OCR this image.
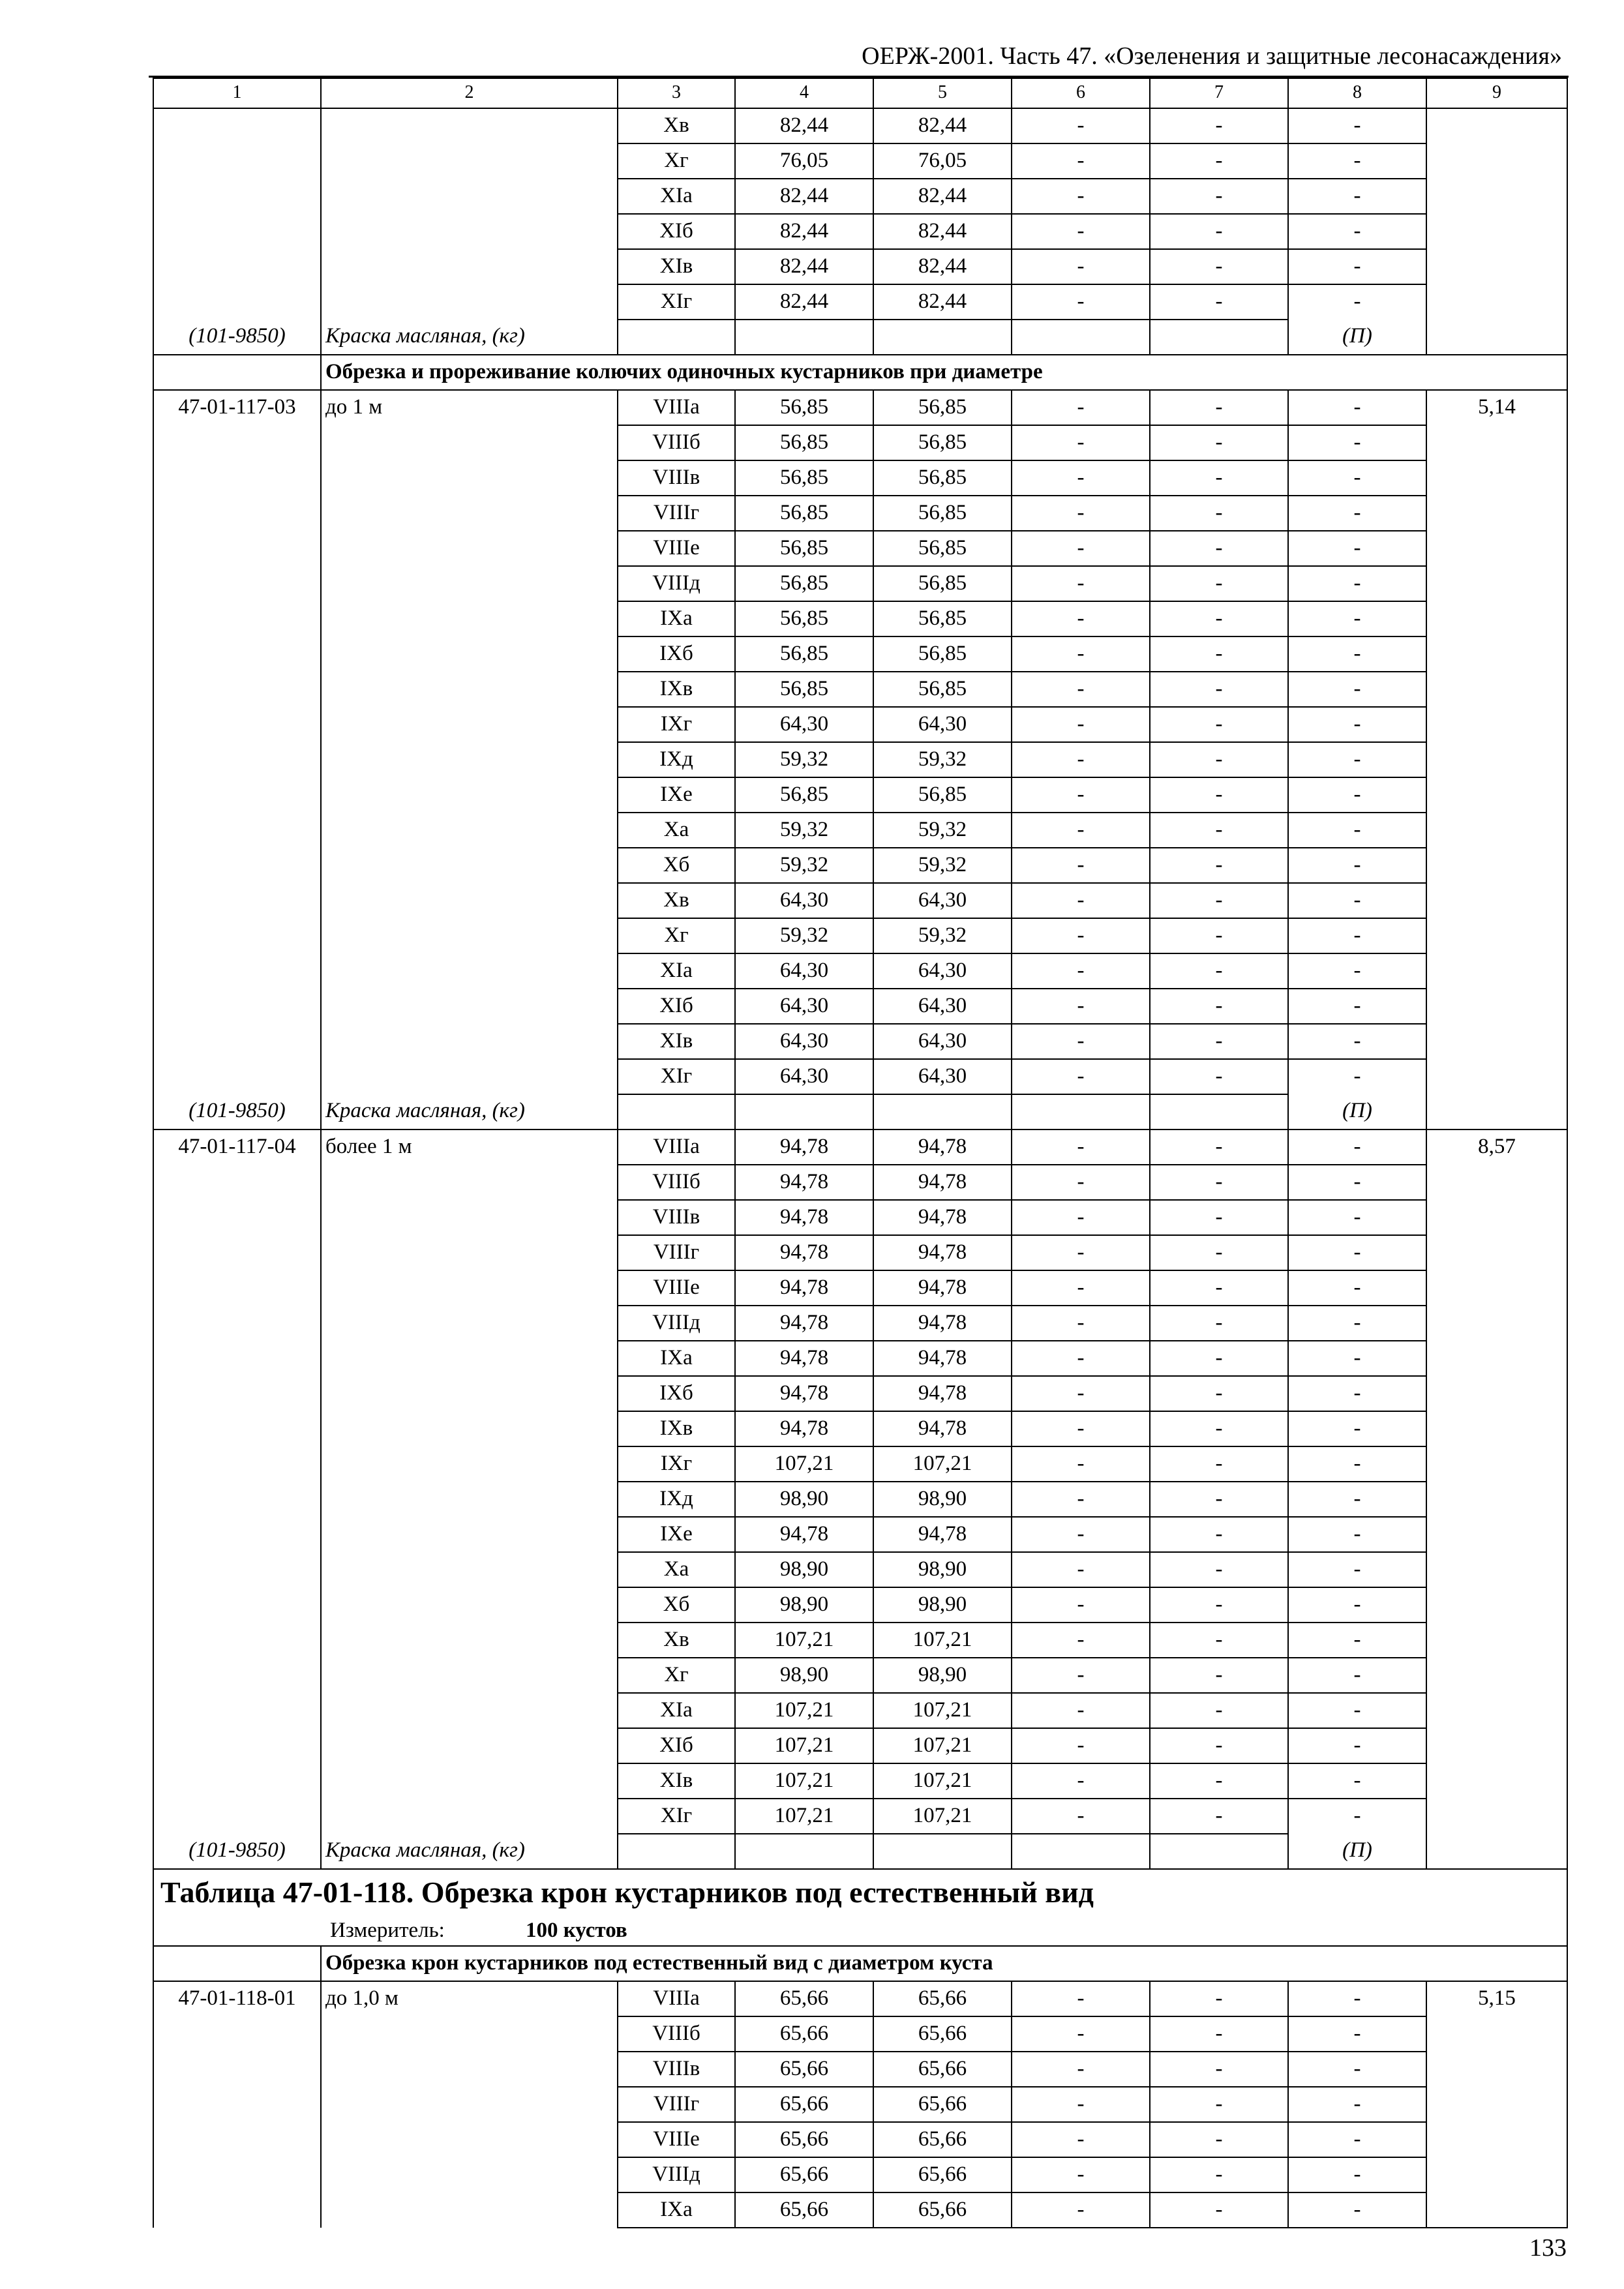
ОЕРЖ-2001. Часть 47. «Озеленения и защитные лесонасаждения»
1	2	3	4	5	6	7	8	9
		Xв	82,44	82,44	-	-	-	
		Xг	76,05	76,05	-	-	-	
		XIа	82,44	82,44	-	-	-	
		XIб	82,44	82,44	-	-	-	
		XIв	82,44	82,44	-	-	-	
		XIг	82,44	82,44	-	-	-	
(101-9850)	Краска масляная, (кг)						(П)	
	Обрезка и прореживание колючих одиночных кустарников при диаметре							
47-01-117-03	до 1 м	VIIIа	56,85	56,85	-	-	-	5,14
		VIIIб	56,85	56,85	-	-	-	
		VIIIв	56,85	56,85	-	-	-	
		VIIIг	56,85	56,85	-	-	-	
		VIIIе	56,85	56,85	-	-	-	
		VIIIд	56,85	56,85	-	-	-	
		IXа	56,85	56,85	-	-	-	
		IXб	56,85	56,85	-	-	-	
		IXв	56,85	56,85	-	-	-	
		IXг	64,30	64,30	-	-	-	
		IXд	59,32	59,32	-	-	-	
		IXе	56,85	56,85	-	-	-	
		Xа	59,32	59,32	-	-	-	
		Xб	59,32	59,32	-	-	-	
		Xв	64,30	64,30	-	-	-	
		Xг	59,32	59,32	-	-	-	
		XIа	64,30	64,30	-	-	-	
		XIб	64,30	64,30	-	-	-	
		XIв	64,30	64,30	-	-	-	
		XIг	64,30	64,30	-	-	-	
(101-9850)	Краска масляная, (кг)						(П)	
47-01-117-04	более 1 м	VIIIа	94,78	94,78	-	-	-	8,57
		VIIIб	94,78	94,78	-	-	-	
		VIIIв	94,78	94,78	-	-	-	
		VIIIг	94,78	94,78	-	-	-	
		VIIIе	94,78	94,78	-	-	-	
		VIIIд	94,78	94,78	-	-	-	
		IXа	94,78	94,78	-	-	-	
		IXб	94,78	94,78	-	-	-	
		IXв	94,78	94,78	-	-	-	
		IXг	107,21	107,21	-	-	-	
		IXд	98,90	98,90	-	-	-	
		IXе	94,78	94,78	-	-	-	
		Xа	98,90	98,90	-	-	-	
		Xб	98,90	98,90	-	-	-	
		Xв	107,21	107,21	-	-	-	
		Xг	98,90	98,90	-	-	-	
		XIа	107,21	107,21	-	-	-	
		XIб	107,21	107,21	-	-	-	
		XIв	107,21	107,21	-	-	-	
		XIг	107,21	107,21	-	-	-	
(101-9850)	Краска масляная, (кг)						(П)	
Таблица 47-01-118. Обрезка крон кустарников под естественный вид								
Измеритель: 100 кустов								
	Обрезка крон кустарников под естественный вид с диаметром куста							
47-01-118-01	до 1,0 м	VIIIа	65,66	65,66	-	-	-	5,15
		VIIIб	65,66	65,66	-	-	-	
		VIIIв	65,66	65,66	-	-	-	
		VIIIг	65,66	65,66	-	-	-	
		VIIIе	65,66	65,66	-	-	-	
		VIIIд	65,66	65,66	-	-	-	
		IXа	65,66	65,66	-	-	-	
133
